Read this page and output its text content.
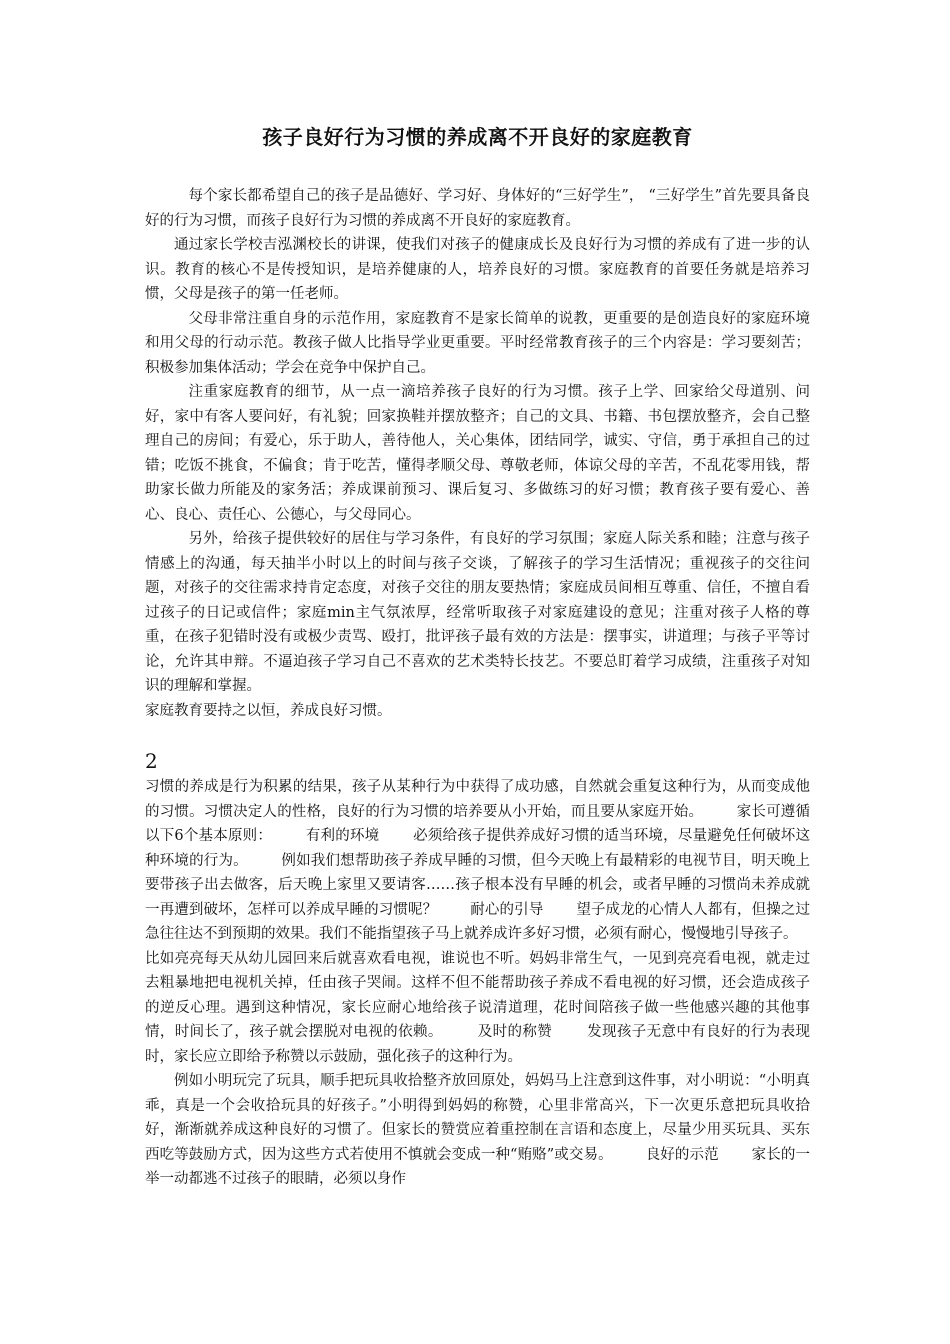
孩子良好行为习惯的养成离不开良好的家庭教育

每个家长都希望自己的孩子是品德好、学习好、身体好的“三好学生”， “三好学生”首先要具备良好的行为习惯，而孩子良好行为习惯的养成离不开良好的家庭教育。

通过家长学校吉泓渊校长的讲课，使我们对孩子的健康成长及良好行为习惯的养成有了进一步的认识。教育的核心不是传授知识，是培养健康的人，培养良好的习惯。家庭教育的首要任务就是培养习惯，父母是孩子的第一任老师。

父母非常注重自身的示范作用，家庭教育不是家长简单的说教，更重要的是创造良好的家庭环境和用父母的行动示范。教孩子做人比指导学业更重要。平时经常教育孩子的三个内容是：学习要刻苦；积极参加集体活动；学会在竞争中保护自己。

注重家庭教育的细节，从一点一滴培养孩子良好的行为习惯。孩子上学、回家给父母道别、问好，家中有客人要问好，有礼貌；回家换鞋并摆放整齐；自己的文具、书籍、书包摆放整齐，会自己整理自己的房间；有爱心，乐于助人，善待他人，关心集体，团结同学，诚实、守信，勇于承担自己的过错；吃饭不挑食，不偏食；肯于吃苦，懂得孝顺父母、尊敬老师，体谅父母的辛苦，不乱花零用钱，帮助家长做力所能及的家务活；养成课前预习、课后复习、多做练习的好习惯；教育孩子要有爱心、善心、良心、责任心、公德心，与父母同心。

另外，给孩子提供较好的居住与学习条件，有良好的学习氛围；家庭人际关系和睦；注意与孩子情感上的沟通，每天抽半小时以上的时间与孩子交谈，了解孩子的学习生活情况；重视孩子的交往问题，对孩子的交往需求持肯定态度，对孩子交往的朋友要热情；家庭成员间相互尊重、信任，不擅自看过孩子的日记或信件；家庭min主气氛浓厚，经常听取孩子对家庭建设的意见；注重对孩子人格的尊重，在孩子犯错时没有或极少责骂、殴打，批评孩子最有效的方法是：摆事实，讲道理；与孩子平等讨论，允许其申辩。不逼迫孩子学习自己不喜欢的艺术类特长技艺。不要总盯着学习成绩，注重孩子对知识的理解和掌握。

家庭教育要持之以恒，养成良好习惯。

2

习惯的养成是行为积累的结果，孩子从某种行为中获得了成功感，自然就会重复这种行为，从而变成他的习惯。习惯决定人的性格，良好的行为习惯的培养要从小开始，而且要从家庭开始。       家长可遵循以下6个基本原则：       有利的环境       必须给孩子提供养成好习惯的适当环境，尽量避免任何破坏这种环境的行为。       例如我们想帮助孩子养成早睡的习惯，但今天晚上有最精彩的电视节目，明天晚上要带孩子出去做客，后天晚上家里又要请客……孩子根本没有早睡的机会，或者早睡的习惯尚未养成就一再遭到破坏，怎样可以养成早睡的习惯呢？       耐心的引导       望子成龙的心情人人都有，但操之过急往往达不到预期的效果。我们不能指望孩子马上就养成许多好习惯，必须有耐心，慢慢地引导孩子。

比如亮亮每天从幼儿园回来后就喜欢看电视，谁说也不听。妈妈非常生气，一见到亮亮看电视，就走过去粗暴地把电视机关掉，任由孩子哭闹。这样不但不能帮助孩子养成不看电视的好习惯，还会造成孩子的逆反心理。遇到这种情况，家长应耐心地给孩子说清道理，花时间陪孩子做一些他感兴趣的其他事情，时间长了，孩子就会摆脱对电视的依赖。       及时的称赞       发现孩子无意中有良好的行为表现时，家长应立即给予称赞以示鼓励，强化孩子的这种行为。

例如小明玩完了玩具，顺手把玩具收拾整齐放回原处，妈妈马上注意到这件事，对小明说：“小明真乖，真是一个会收拾玩具的好孩子。”小明得到妈妈的称赞，心里非常高兴，下一次更乐意把玩具收拾好，渐渐就养成这种良好的习惯了。但家长的赞赏应着重控制在言语和态度上，尽量少用买玩具、买东西吃等鼓励方式，因为这些方式若使用不慎就会变成一种“贿赂”或交易。       良好的示范       家长的一举一动都逃不过孩子的眼睛，必须以身作
